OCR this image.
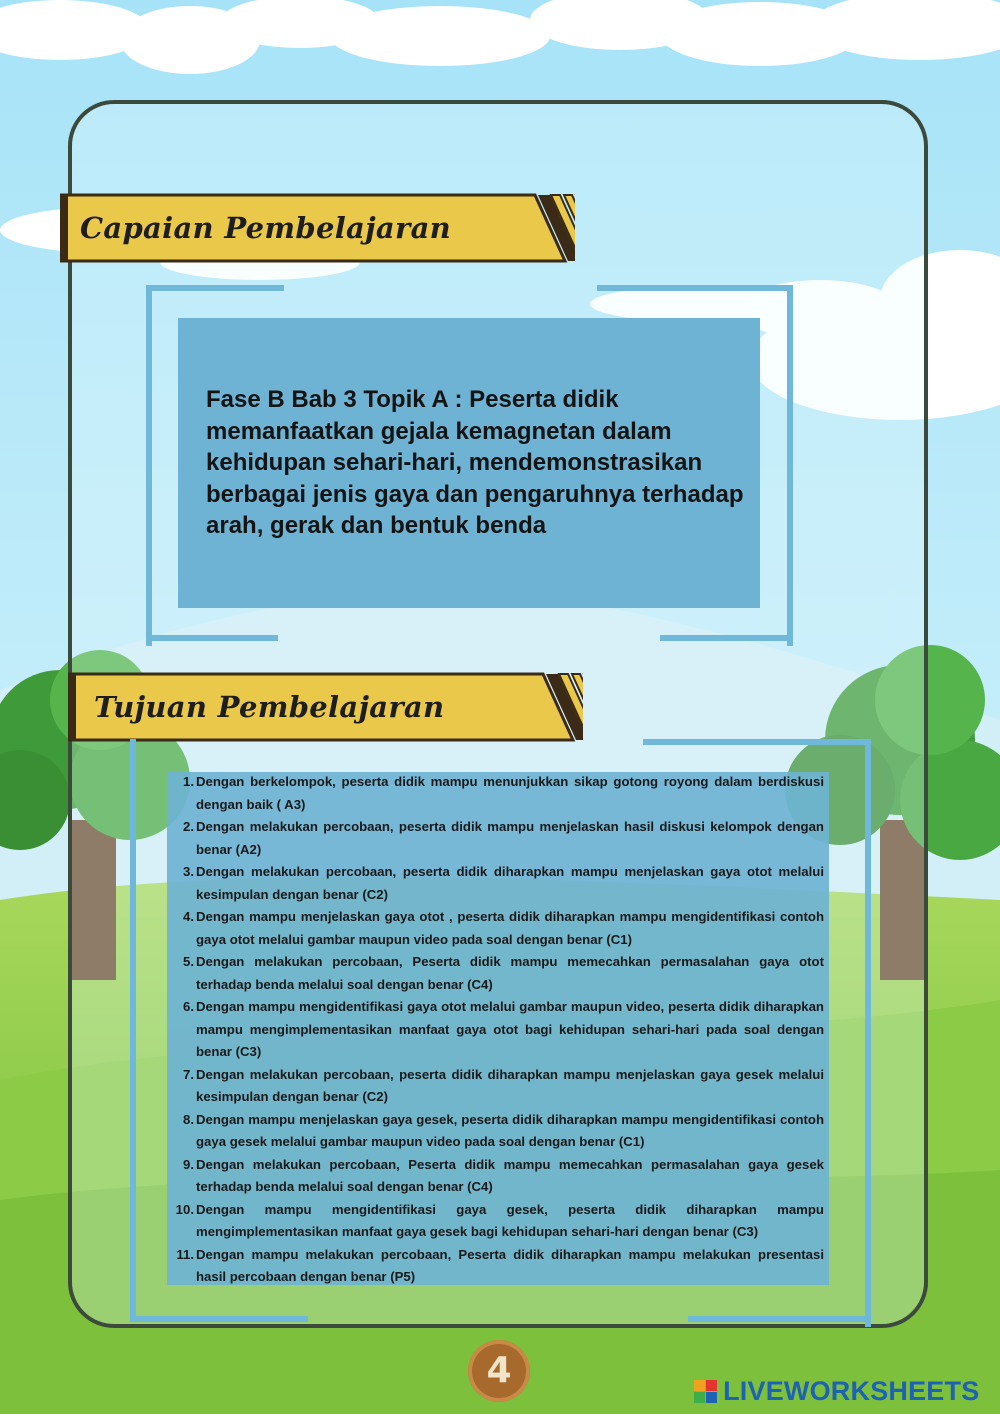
Capaian Pembelajaran

Fase B Bab 3 Topik A : Peserta didik memanfaatkan gejala kemagnetan dalam kehidupan sehari-hari, mendemonstrasikan berbagai jenis gaya dan pengaruhnya terhadap arah, gerak dan bentuk benda

Tujuan Pembelajaran
1. Dengan berkelompok, peserta didik mampu menunjukkan sikap gotong royong dalam berdiskusi dengan baik ( A3)
2. Dengan melakukan percobaan, peserta didik mampu menjelaskan hasil diskusi kelompok dengan benar (A2)
3. Dengan melakukan percobaan, peserta didik diharapkan mampu menjelaskan gaya otot melalui kesimpulan dengan benar (C2)
4. Dengan mampu menjelaskan gaya otot , peserta didik diharapkan mampu mengidentifikasi contoh gaya otot melalui gambar maupun video pada soal dengan benar (C1)
5. Dengan melakukan percobaan, Peserta didik mampu memecahkan permasalahan gaya otot terhadap benda melalui soal dengan benar (C4)
6. Dengan mampu mengidentifikasi gaya otot melalui gambar maupun video, peserta didik diharapkan mampu mengimplementasikan manfaat gaya otot bagi kehidupan sehari-hari pada soal dengan benar (C3)
7. Dengan melakukan percobaan, peserta didik diharapkan mampu menjelaskan gaya gesek melalui kesimpulan dengan benar (C2)
8. Dengan mampu menjelaskan gaya gesek, peserta didik diharapkan mampu mengidentifikasi contoh gaya gesek melalui gambar maupun video pada soal dengan benar (C1)
9. Dengan melakukan percobaan, Peserta didik mampu memecahkan permasalahan gaya gesek terhadap benda melalui soal dengan benar (C4)
10. Dengan mampu mengidentifikasi gaya gesek, peserta didik diharapkan mampu mengimplementasikan manfaat gaya gesek bagi kehidupan sehari-hari dengan benar (C3)
11. Dengan mampu melakukan percobaan, Peserta didik diharapkan mampu melakukan presentasi hasil percobaan dengan benar (P5)
4	LIVEWORKSHEETS
